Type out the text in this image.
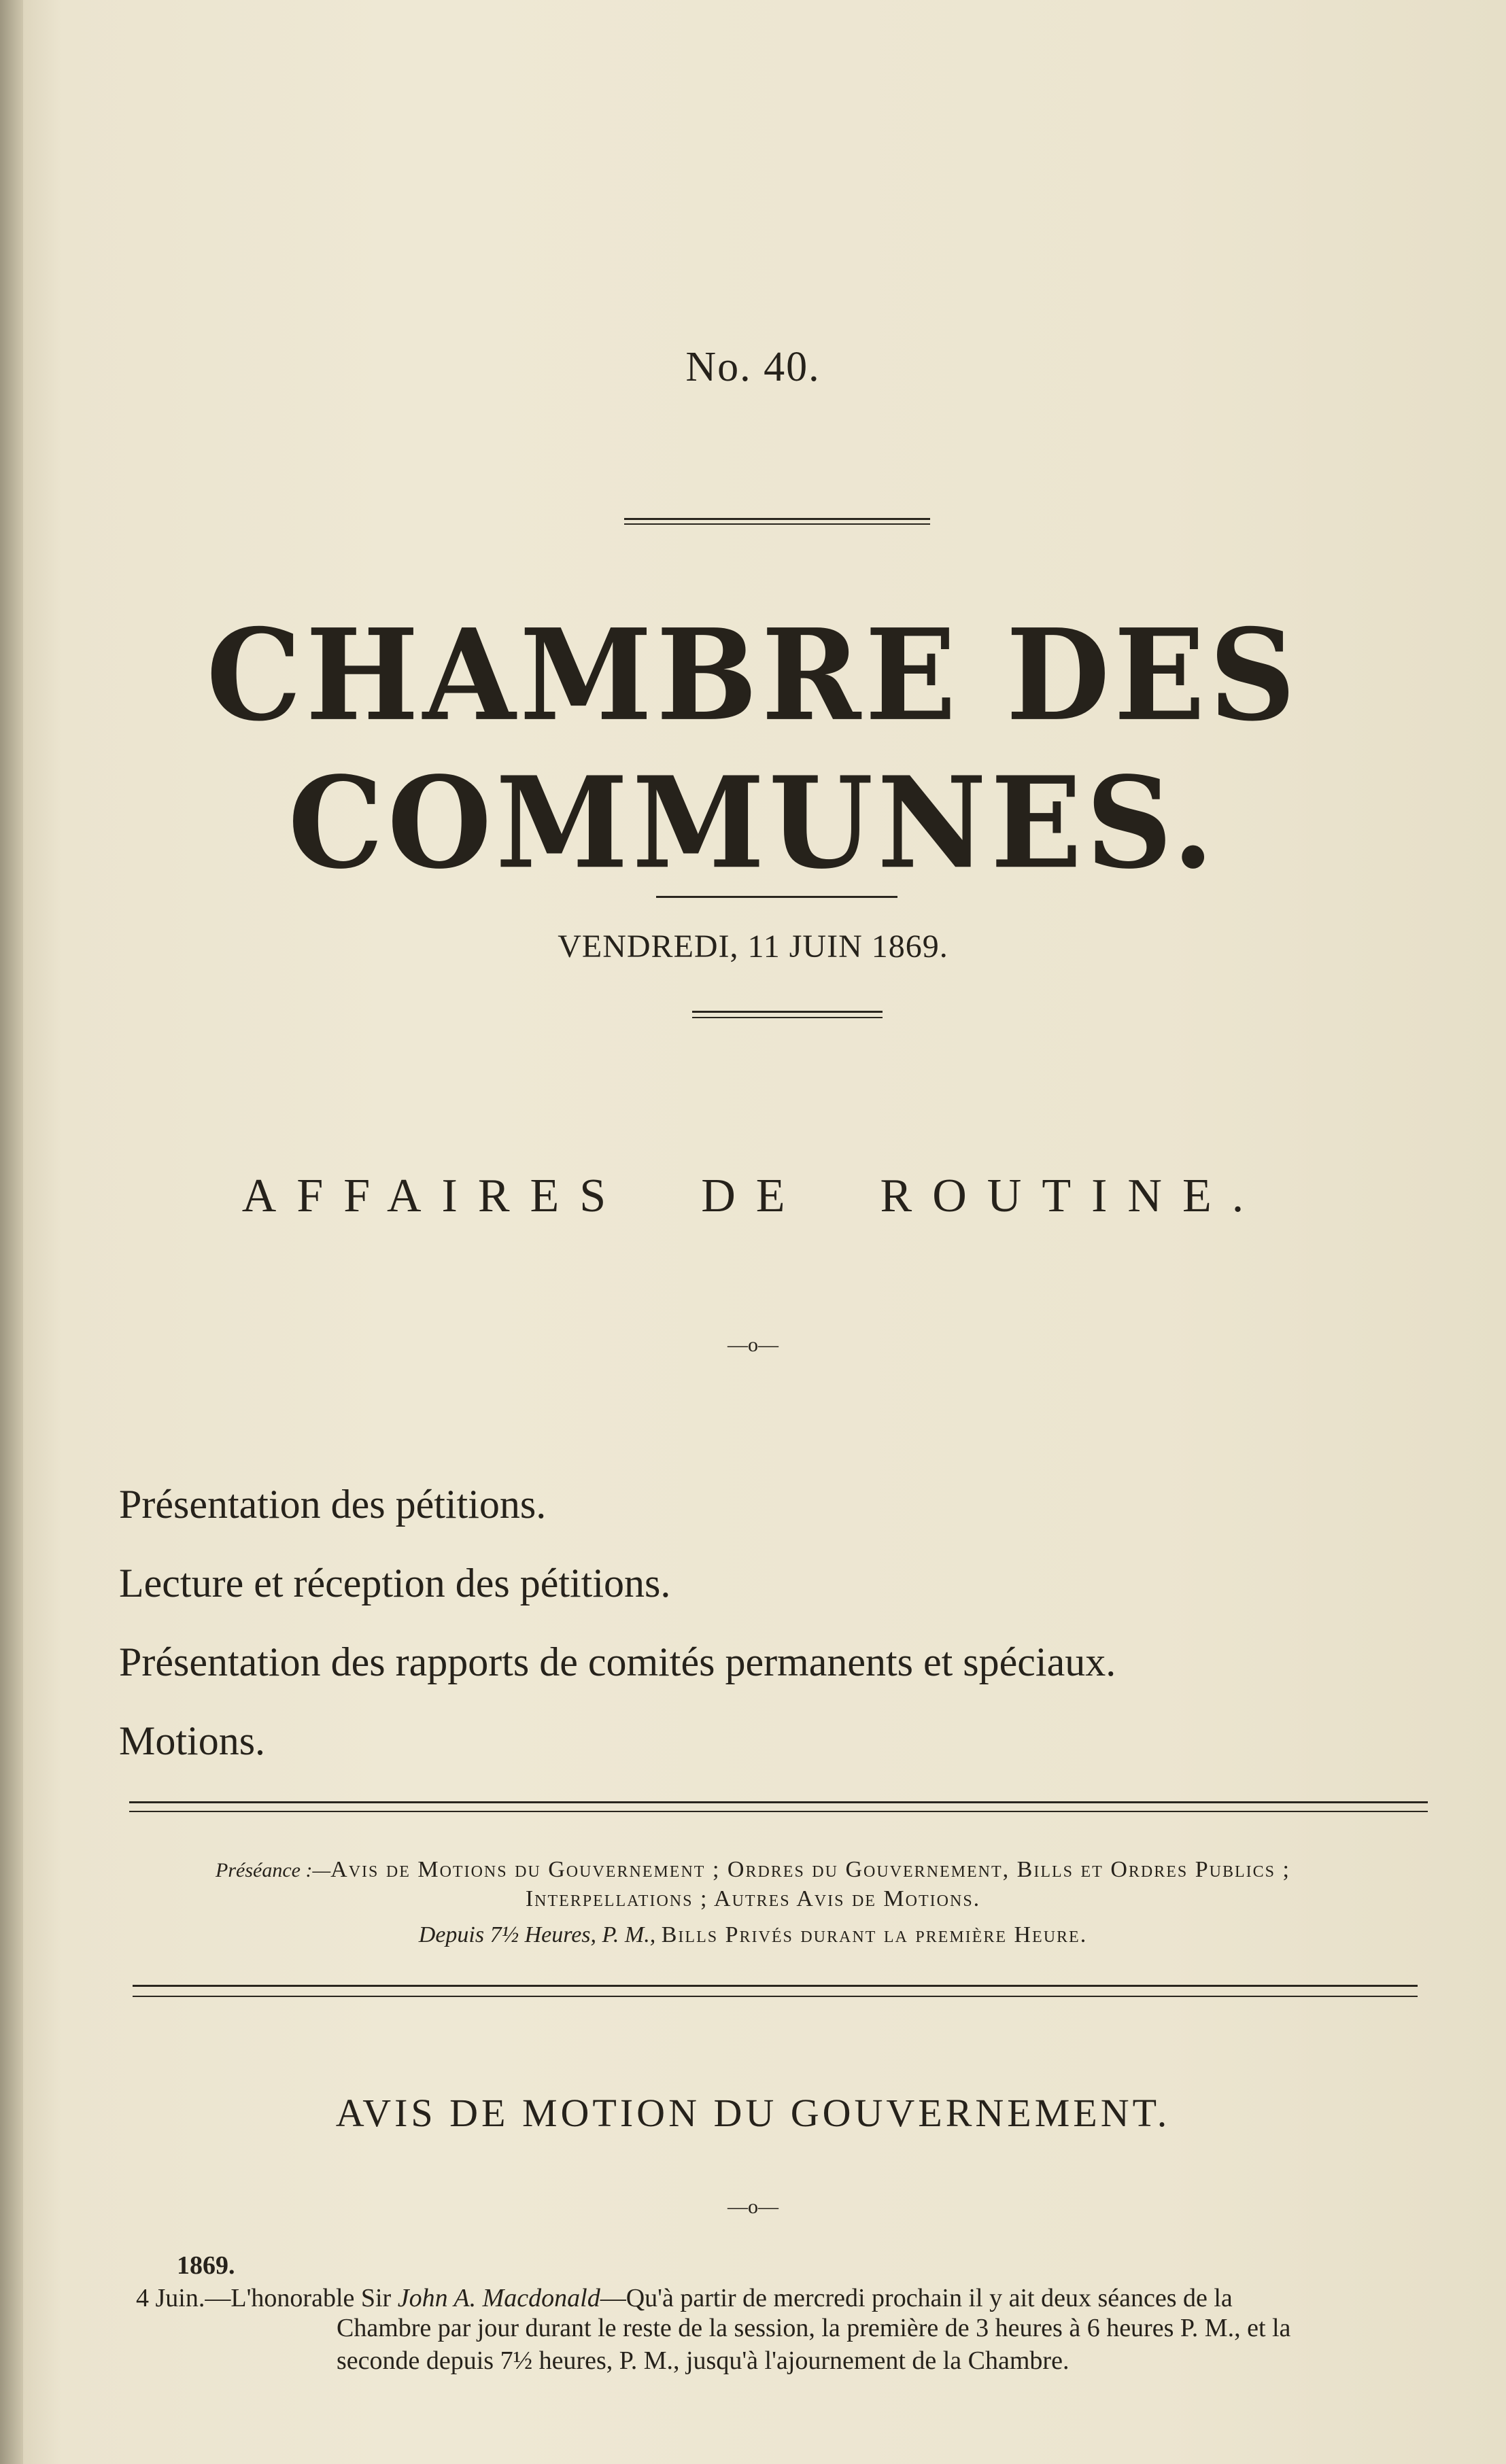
No. 40.
CHAMBRE DES COMMUNES.
VENDREDI, 11 JUIN 1869.
AFFAIRES DE ROUTINE.
—o—
Présentation des pétitions.
Lecture et réception des pétitions.
Présentation des rapports de comités permanents et spéciaux.
Motions.
Préséance :—Avis de Motions du Gouvernement ; Ordres du Gouvernement, Bills et Ordres Publics ;
Interpellations ; Autres Avis de Motions.
Depuis 7½ Heures, P. M., Bills Privés durant la première Heure.
AVIS DE MOTION DU GOUVERNEMENT.
—o—
1869.
4 Juin.—L'honorable Sir John A. Macdonald—Qu'à partir de mercredi prochain il y ait deux séances de la
Chambre par jour durant le reste de la session, la première de 3 heures à 6 heures P. M., et la
seconde depuis 7½ heures, P. M., jusqu'à l'ajournement de la Chambre.
